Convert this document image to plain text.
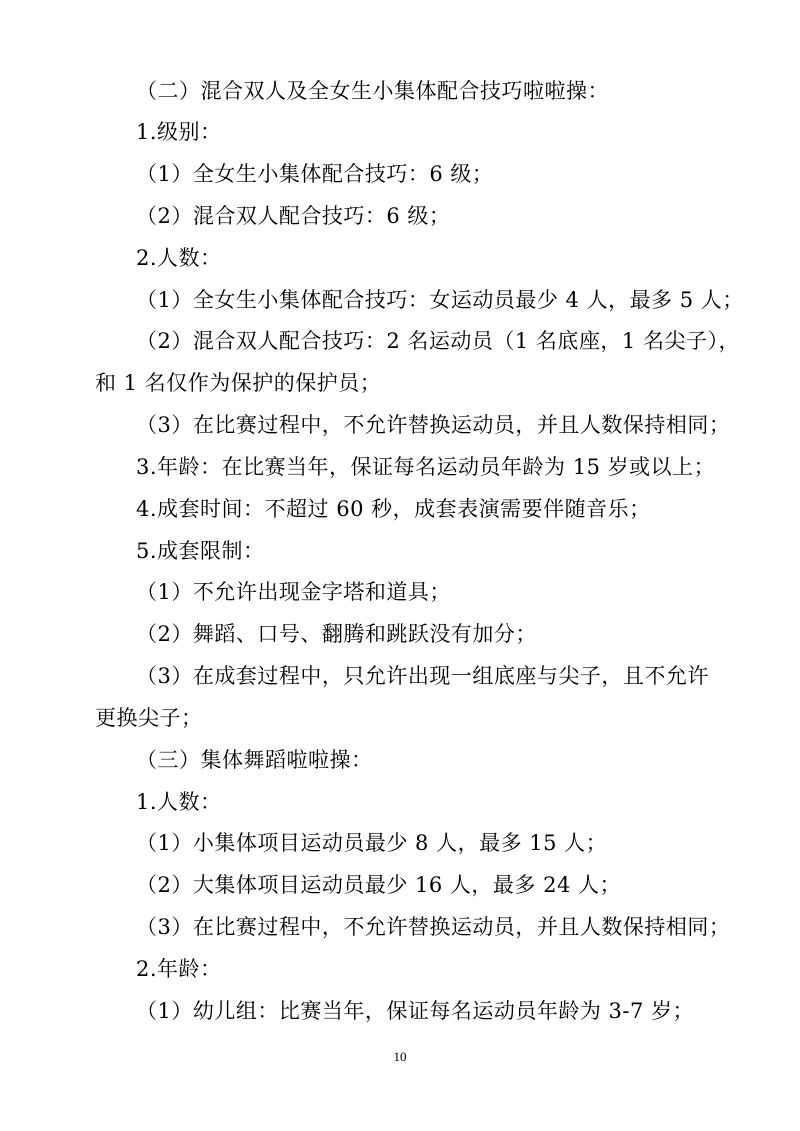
（二）混合双人及全女生小集体配合技巧啦啦操：
1.级别：
（1）全女生小集体配合技巧：6 级；
（2）混合双人配合技巧：6 级；
2.人数：
（1）全女生小集体配合技巧：女运动员最少 4 人，最多 5 人；
（2）混合双人配合技巧：2 名运动员（1 名底座，1 名尖子），
和 1 名仅作为保护的保护员；
（3）在比赛过程中，不允许替换运动员，并且人数保持相同；
3.年龄：在比赛当年，保证每名运动员年龄为 15 岁或以上；
4.成套时间：不超过 60 秒，成套表演需要伴随音乐；
5.成套限制：
（1）不允许出现金字塔和道具；
（2）舞蹈、口号、翻腾和跳跃没有加分；
（3）在成套过程中，只允许出现一组底座与尖子，且不允许
更换尖子；
（三）集体舞蹈啦啦操：
1.人数：
（1）小集体项目运动员最少 8 人，最多 15 人；
（2）大集体项目运动员最少 16 人，最多 24 人；
（3）在比赛过程中，不允许替换运动员，并且人数保持相同；
2.年龄：
（1）幼儿组：比赛当年，保证每名运动员年龄为 3-7 岁；
10
